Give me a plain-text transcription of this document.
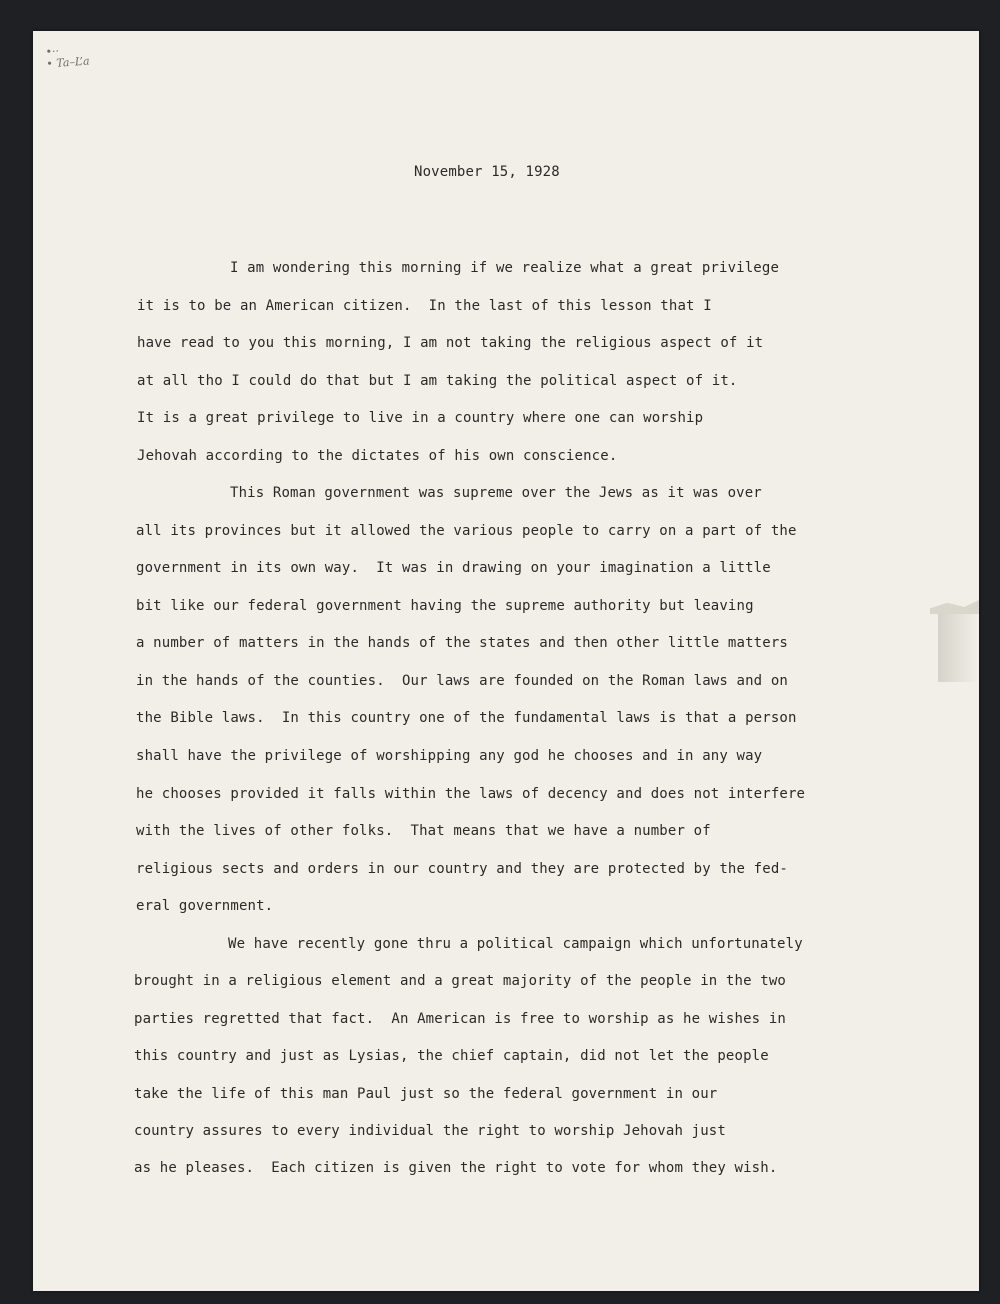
•··
• Ta–L’a
November 15, 1928
I am wondering this morning if we realize what a great privilege
it is to be an American citizen.  In the last of this lesson that I
have read to you this morning, I am not taking the religious aspect of it
at all tho I could do that but I am taking the political aspect of it.
It is a great privilege to live in a country where one can worship
Jehovah according to the dictates of his own conscience.
This Roman government was supreme over the Jews as it was over
all its provinces but it allowed the various people to carry on a part of the
government in its own way.  It was in drawing on your imagination a little
bit like our federal government having the supreme authority but leaving
a number of matters in the hands of the states and then other little matters
in the hands of the counties.  Our laws are founded on the Roman laws and on
the Bible laws.  In this country one of the fundamental laws is that a person
shall have the privilege of worshipping any god he chooses and in any way
he chooses provided it falls within the laws of decency and does not interfere
with the lives of other folks.  That means that we have a number of
religious sects and orders in our country and they are protected by the fed-
eral government.
We have recently gone thru a political campaign which unfortunately
brought in a religious element and a great majority of the people in the two
parties regretted that fact.  An American is free to worship as he wishes in
this country and just as Lysias, the chief captain, did not let the people
take the life of this man Paul just so the federal government in our
country assures to every individual the right to worship Jehovah just
as he pleases.  Each citizen is given the right to vote for whom they wish.
